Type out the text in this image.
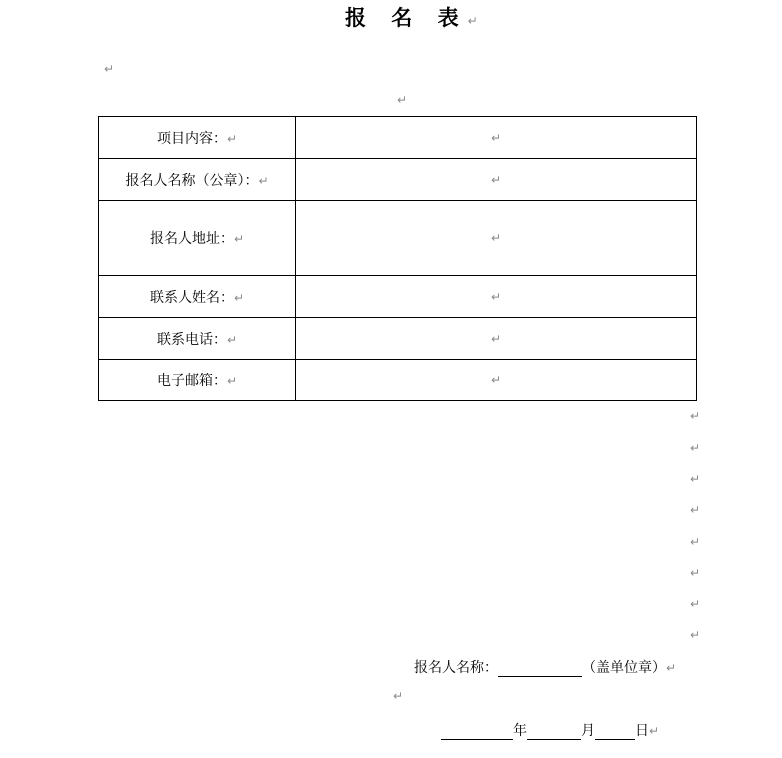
报 名 表↵
↵
↵
项目内容：↵	↵
报名人名称（公章）：↵	↵
报名人地址：↵	↵
联系人姓名：↵	↵
联系电话：↵	↵
电子邮箱：↵	↵
↵
↵
↵
↵
↵
↵
↵
↵
报名人名称：	（盖单位章）↵
↵
年	月	日↵
